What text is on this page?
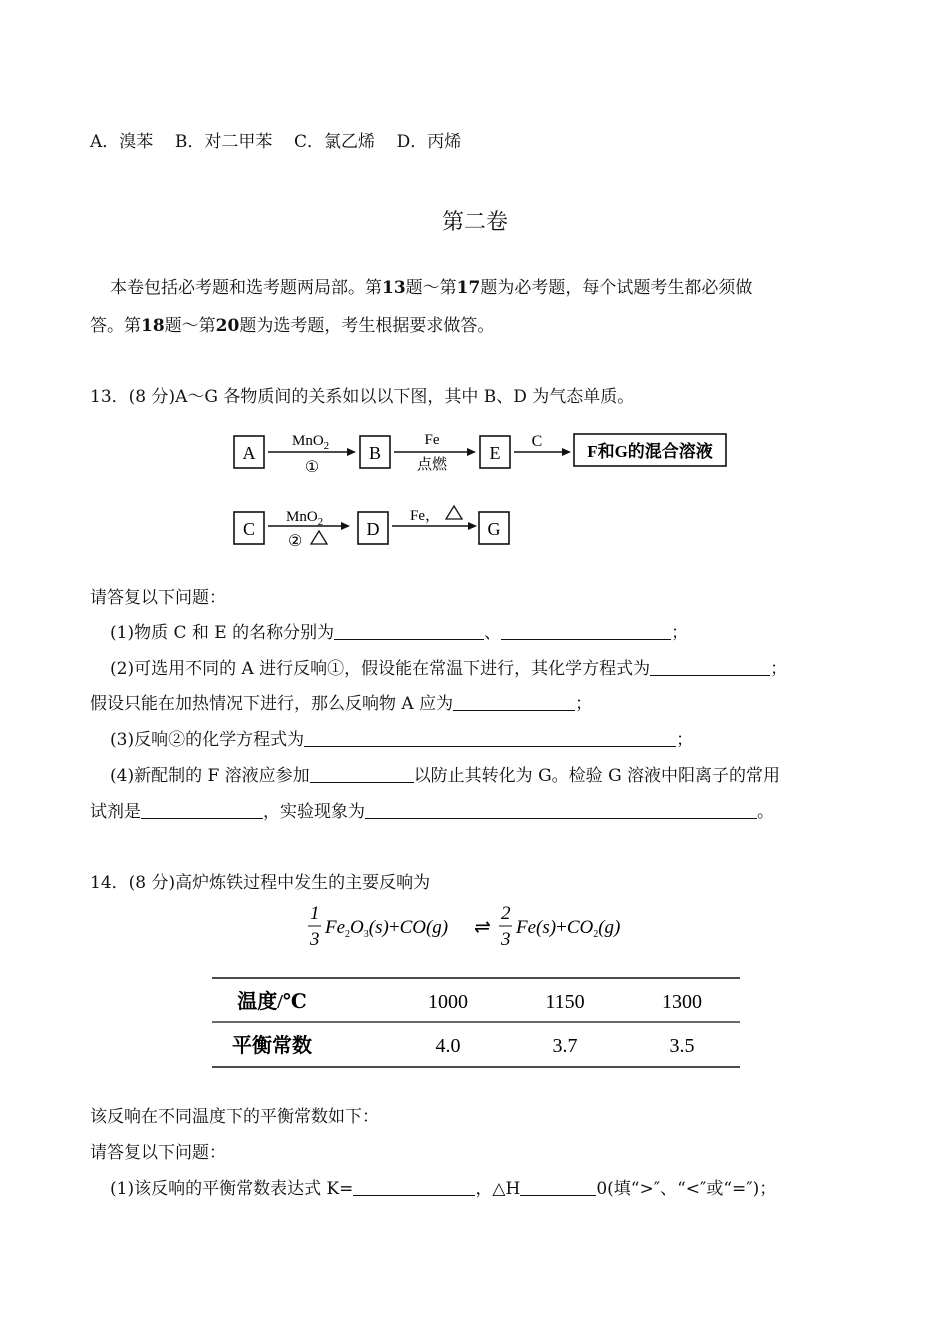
A．溴苯 B．对二甲苯 C．氯乙烯 D．丙烯
第二卷
本卷包括必考题和选考题两局部。第13题～第17题为必考题，每个试题考生都必须做
答。第18题～第20题为选考题，考生根据要求做答。
13．(8 分)A～G 各物质间的关系如以以下图，其中 B、D 为气态单质。
A
MnO$_2$
①
B
Fe
点燃
E
C
F和G的混合溶液
C
MnO$_2$
②
D
Fe，
G
请答复以下问题：
(1)物质 C 和 E 的名称分别为	、	；
(2)可选用不同的 A 进行反响①，假设能在常温下进行，其化学方程式为	；
假设只能在加热情况下进行，那么反响物 A 应为	；
(3)反响②的化学方程式为	；
(4)新配制的 F 溶液应参加	以防止其转化为 G。检验 G 溶液中阳离子的常用
试剂是	，实验现象为	。
14．(8 分)高炉炼铁过程中发生的主要反响为
1
3
$Fe_2O_3(s)+CO(g)$ ⇌
2
3
$Fe(s)+CO_2(g)$
温度/℃	1000	1150	1300
平衡常数	4.0	3.7	3.5
该反响在不同温度下的平衡常数如下：
请答复以下问题：
(1)该反响的平衡常数表达式 K=	，△H	0(填“>″、“<″或“=″)；
